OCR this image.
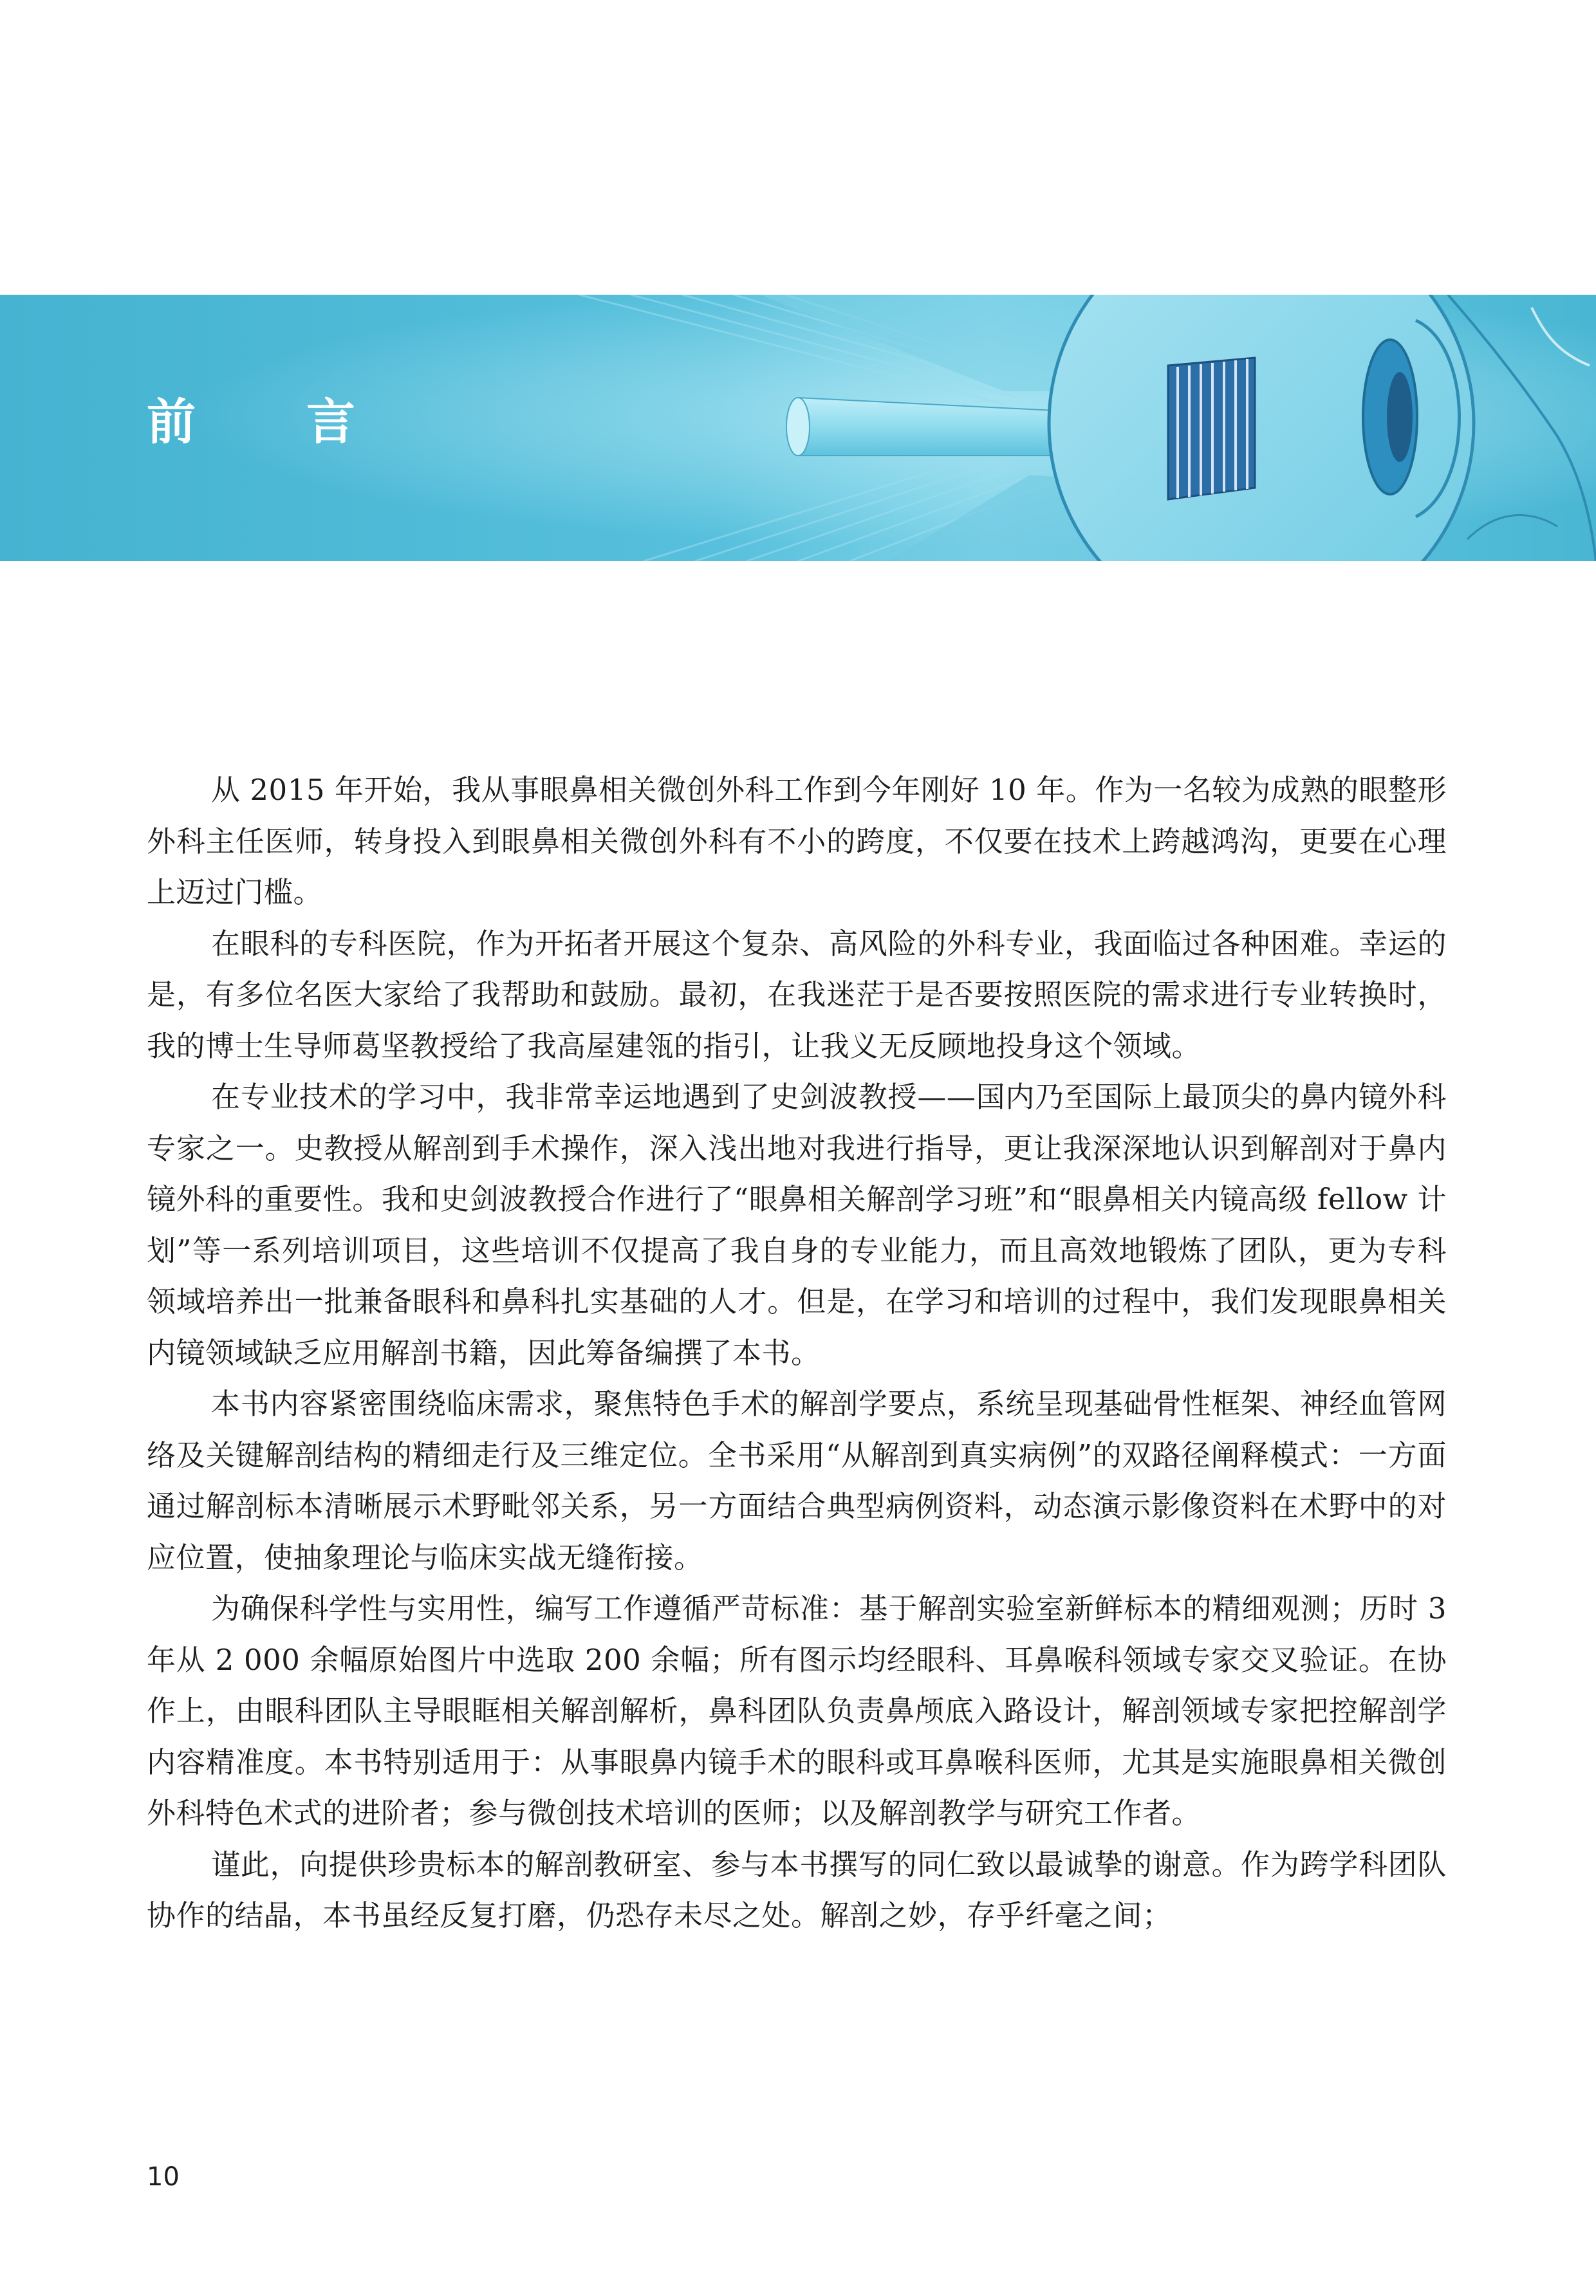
前言

从 2015 年开始，我从事眼鼻相关微创外科工作到今年刚好 10 年。作为一名较为成熟的眼整形外科主任医师，转身投入到眼鼻相关微创外科有不小的跨度，不仅要在技术上跨越鸿沟，更要在心理上迈过门槛。

在眼科的专科医院，作为开拓者开展这个复杂、高风险的外科专业，我面临过各种困难。幸运的是，有多位名医大家给了我帮助和鼓励。最初，在我迷茫于是否要按照医院的需求进行专业转换时，我的博士生导师葛坚教授给了我高屋建瓴的指引，让我义无反顾地投身这个领域。

在专业技术的学习中，我非常幸运地遇到了史剑波教授——国内乃至国际上最顶尖的鼻内镜外科专家之一。史教授从解剖到手术操作，深入浅出地对我进行指导，更让我深深地认识到解剖对于鼻内镜外科的重要性。我和史剑波教授合作进行了“眼鼻相关解剖学习班”和“眼鼻相关内镜高级 fellow 计划”等一系列培训项目，这些培训不仅提高了我自身的专业能力，而且高效地锻炼了团队，更为专科领域培养出一批兼备眼科和鼻科扎实基础的人才。但是，在学习和培训的过程中，我们发现眼鼻相关内镜领域缺乏应用解剖书籍，因此筹备编撰了本书。

本书内容紧密围绕临床需求，聚焦特色手术的解剖学要点，系统呈现基础骨性框架、神经血管网络及关键解剖结构的精细走行及三维定位。全书采用“从解剖到真实病例”的双路径阐释模式：一方面通过解剖标本清晰展示术野毗邻关系，另一方面结合典型病例资料，动态演示影像资料在术野中的对应位置，使抽象理论与临床实战无缝衔接。

为确保科学性与实用性，编写工作遵循严苛标准：基于解剖实验室新鲜标本的精细观测；历时 3 年从 2 000 余幅原始图片中选取 200 余幅；所有图示均经眼科、耳鼻喉科领域专家交叉验证。在协作上，由眼科团队主导眼眶相关解剖解析，鼻科团队负责鼻颅底入路设计，解剖领域专家把控解剖学内容精准度。本书特别适用于：从事眼鼻内镜手术的眼科或耳鼻喉科医师，尤其是实施眼鼻相关微创外科特色术式的进阶者；参与微创技术培训的医师；以及解剖教学与研究工作者。

谨此，向提供珍贵标本的解剖教研室、参与本书撰写的同仁致以最诚挚的谢意。作为跨学科团队协作的结晶，本书虽经反复打磨，仍恐存未尽之处。解剖之妙，存乎纤毫之间；

10
